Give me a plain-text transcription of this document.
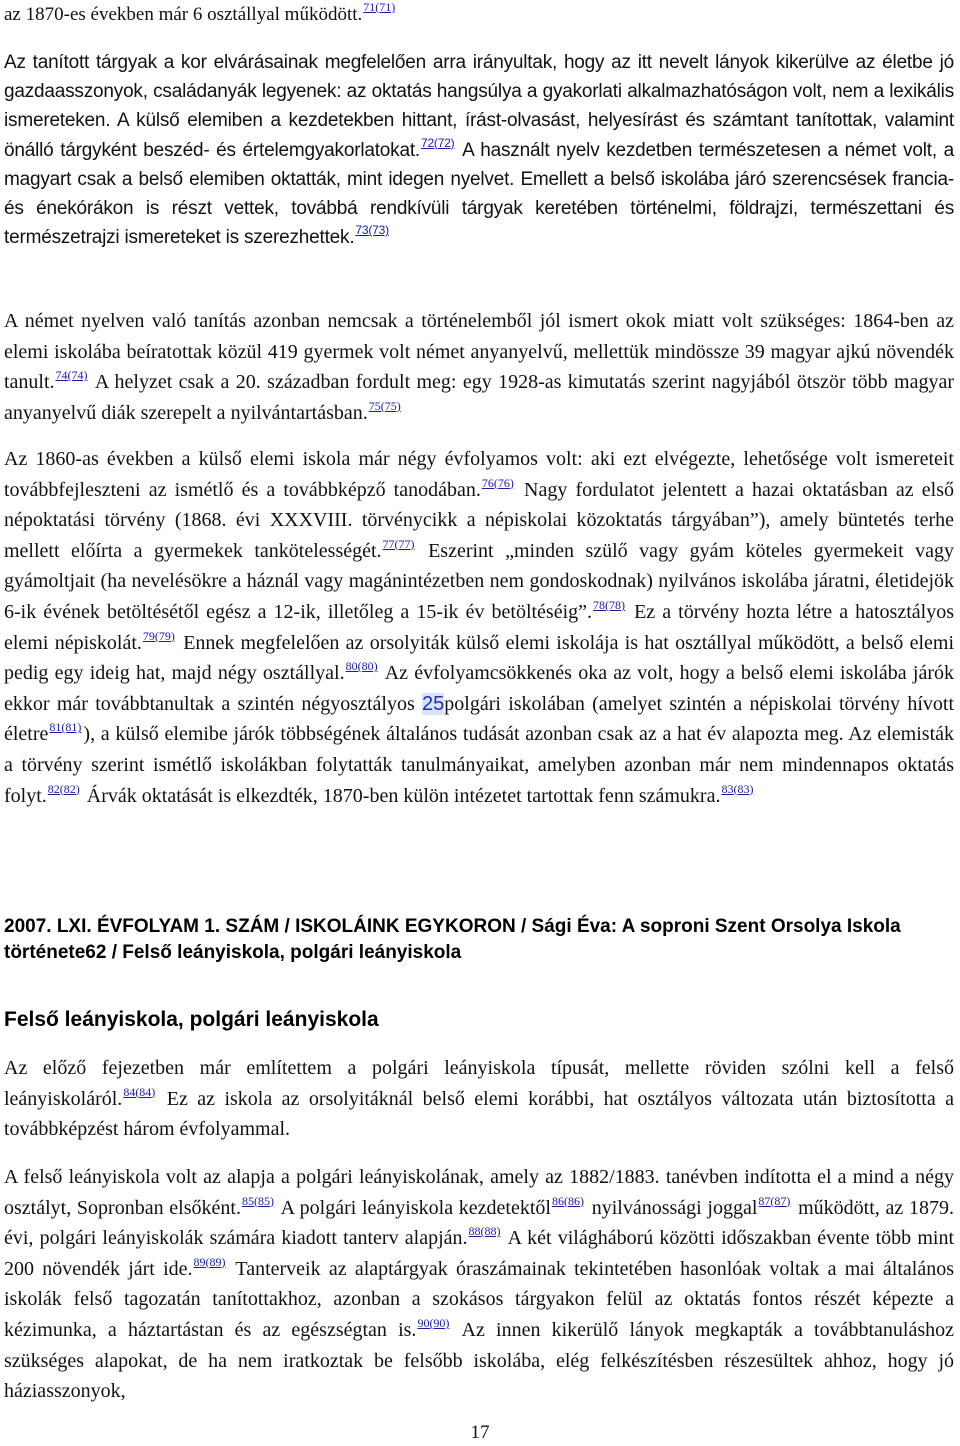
az 1870-es években már 6 osztállyal működött.$^{71(71)}$
Az tanított tárgyak a kor elvárásainak megfelelően arra irányultak, hogy az itt nevelt lányok kikerülve az életbe jó gazdaasszonyok, családanyák legyenek: az oktatás hangsúlya a gyakorlati alkalmazhatóságon volt, nem a lexikális ismereteken. A külső elemiben a kezdetekben hittant, írást-olvasást, helyesírást és számtant tanítottak, valamint önálló tárgyként beszéd- és értelemgyakorlatokat.$^{72(72)}$ A használt nyelv kezdetben természetesen a német volt, a magyart csak a belső elemiben oktatták, mint idegen nyelvet. Emellett a belső iskolába járó szerencsések francia- és énekórákon is részt vettek, továbbá rendkívüli tárgyak keretében történelmi, földrajzi, természettani és természetrajzi ismereteket is szerezhettek.$^{73(73)}$
A német nyelven való tanítás azonban nemcsak a történelemből jól ismert okok miatt volt szükséges: 1864-ben az elemi iskolába beíratottak közül 419 gyermek volt német anyanyelvű, mellettük mindössze 39 magyar ajkú növendék tanult.$^{74(74)}$ A helyzet csak a 20. században fordult meg: egy 1928-as kimutatás szerint nagyjából ötször több magyar anyanyelvű diák szerepelt a nyilvántartásban.$^{75(75)}$
Az 1860-as években a külső elemi iskola már négy évfolyamos volt: aki ezt elvégezte, lehetősége volt ismereteit továbbfejleszteni az ismétlő és a továbbképző tanodában.$^{76(76)}$ Nagy fordulatot jelentett a hazai oktatásban az első népoktatási törvény (1868. évi XXXVIII. törvénycikk a népiskolai közoktatás tárgyában”), amely büntetés terhe mellett előírta a gyermekek tankötelességét.$^{77(77)}$ Eszerint „minden szülő vagy gyám köteles gyermekeit vagy gyámoltjait (ha nevelésökre a háznál vagy magánintézetben nem gondoskodnak) nyilvános iskolába járatni, életidejök 6-ik évének betöltésétől egész a 12-ik, illetőleg a 15-ik év betöltéséig”.$^{78(78)}$ Ez a törvény hozta létre a hatosztályos elemi népiskolát.$^{79(79)}$ Ennek megfelelően az orsolyiták külső elemi iskolája is hat osztállyal működött, a belső elemi pedig egy ideig hat, majd négy osztállyal.$^{80(80)}$ Az évfolyamcsökkenés oka az volt, hogy a belső elemi iskolába járók ekkor már továbbtanultak a szintén négyosztályos 25polgári iskolában (amelyet szintén a népiskolai törvény hívott életre$^{81(81)}$ ), a külső elemibe járók többségének általános tudását azonban csak az a hat év alapozta meg. Az elemisták a törvény szerint ismétlő iskolákban folytatták tanulmányaikat, amelyben azonban már nem mindennapos oktatás folyt.$^{82(82)}$ Árvák oktatását is elkezdték, 1870-ben külön intézetet tartottak fenn számukra.$^{83(83)}$
2007. LXI. ÉVFOLYAM 1. SZÁM / ISKOLÁINK EGYKORON / Sági Éva: A soproni Szent Orsolya Iskola története62 / Felső leányiskola, polgári leányiskola
Felső leányiskola, polgári leányiskola
Az előző fejezetben már említettem a polgári leányiskola típusát, mellette röviden szólni kell a felső leányiskoláról.$^{84(84)}$ Ez az iskola az orsolyitáknál belső elemi korábbi, hat osztályos változata után biztosította a továbbképzést három évfolyammal.
A felső leányiskola volt az alapja a polgári leányiskolának, amely az 1882/1883. tanévben indította el a mind a négy osztályt, Sopronban elsőként.$^{85(85)}$ A polgári leányiskola kezdetektől$^{86(86)}$ nyilvánossági joggal$^{87(87)}$ működött, az 1879. évi, polgári leányiskolák számára kiadott tanterv alapján.$^{88(88)}$ A két világháború közötti időszakban évente több mint 200 növendék járt ide.$^{89(89)}$ Tanterveik az alaptárgyak óraszámainak tekintetében hasonlóak voltak a mai általános iskolák felső tagozatán tanítottakhoz, azonban a szokásos tárgyakon felül az oktatás fontos részét képezte a kézimunka, a háztartástan és az egészségtan is.$^{90(90)}$ Az innen kikerülő lányok megkapták a továbbtanuláshoz szükséges alapokat, de ha nem iratkoztak be felsőbb iskolába, elég felkészítésben részesültek ahhoz, hogy jó háziasszonyok,
17
